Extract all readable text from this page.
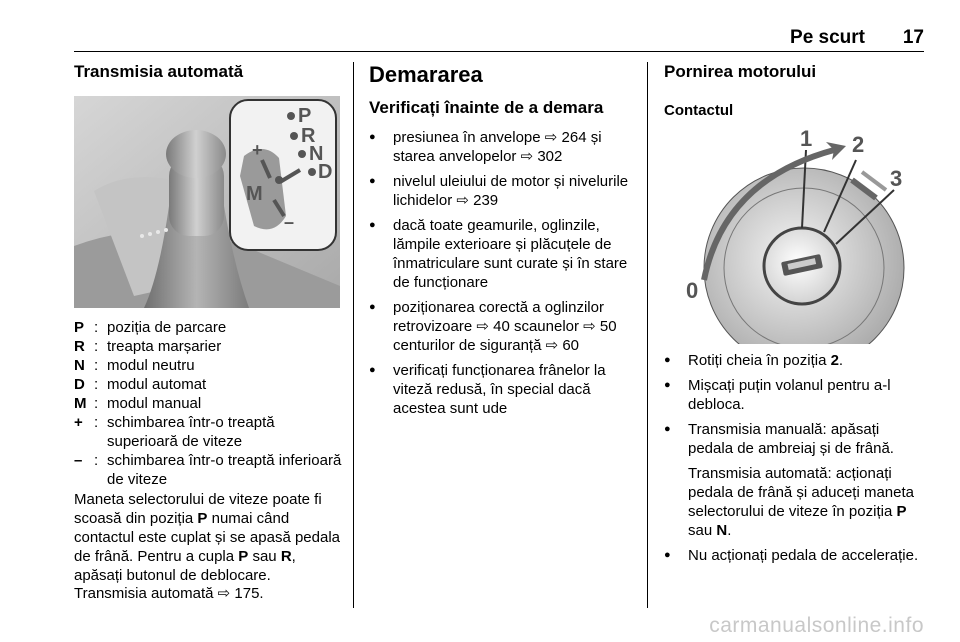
Pe scurt 17
Transmisia automată
P
R
N
D
M
+
–
P : poziția de parcare
R : treapta marșarier
N : modul neutru
D : modul automat
M : modul manual
+ : schimbarea într-o treaptă superioară de viteze
– : schimbarea într-o treaptă inferioară de viteze

Maneta selectorului de viteze poate fi scoasă din poziția P numai când contactul este cuplat și se apasă pedala de frână. Pentru a cupla P sau R, apăsați butonul de deblocare.

Transmisia automată ⇨ 175.

Demararea
Verificați înainte de a demara
● presiunea în anvelope ⇨ 264 și starea anvelopelor ⇨ 302
● nivelul uleiului de motor și nivelurile lichidelor ⇨ 239
● dacă toate geamurile, oglinzile, lămpile exterioare și plăcuțele de înmatriculare sunt curate și în stare de funcționare
● poziționarea corectă a oglinzilor retrovizoare ⇨ 40 scaunelor ⇨ 50 centurilor de siguranță ⇨ 60
● verificați funcționarea frânelor la viteză redusă, în special dacă acestea sunt ude
Pornirea motorului
Contactul
1 2
3
0
● Rotiți cheia în poziția 2.
● Mișcați puțin volanul pentru a-l debloca.
● Transmisia manuală: apăsați pedala de ambreiaj și de frână.
Transmisia automată: acționați pedala de frână și aduceți maneta selectorului de viteze în poziția P sau N.
● Nu acționați pedala de accelerație.
carmanualsonline.info
